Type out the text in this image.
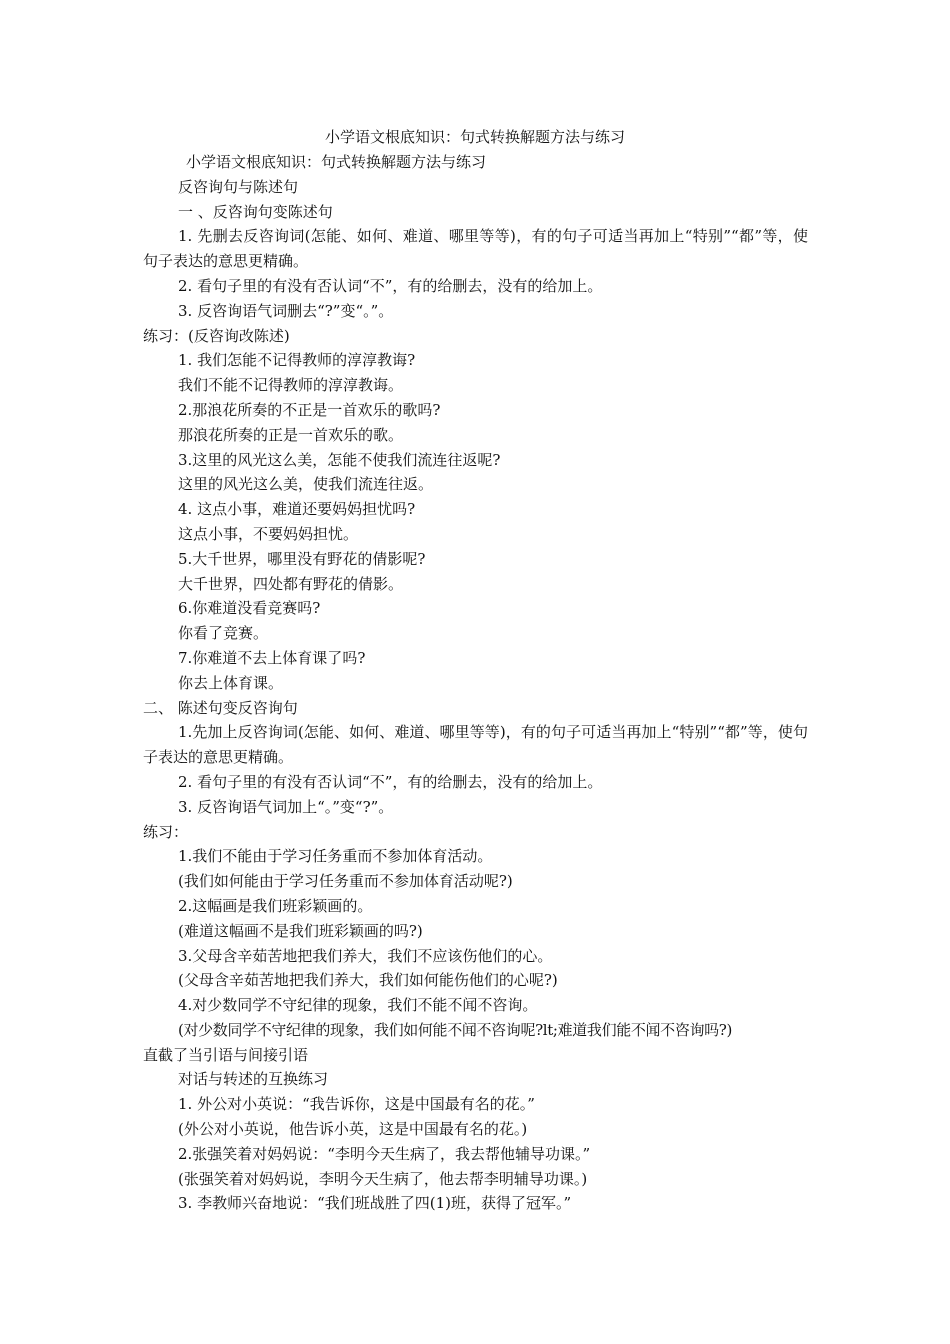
小学语文根底知识：句式转换解题方法与练习
小学语文根底知识：句式转换解题方法与练习
反咨询句与陈述句
一 、反咨询句变陈述句
1. 先删去反咨询词(怎能、如何、难道、哪里等等)，有的句子可适当再加上“特别”“都”等，使句子表达的意思更精确。
2. 看句子里的有没有否认词“不”，有的给删去，没有的给加上。
3. 反咨询语气词删去“?”变“。”。
练习：(反咨询改陈述)
1. 我们怎能不记得教师的淳淳教诲?
我们不能不记得教师的淳淳教诲。
2.那浪花所奏的不正是一首欢乐的歌吗?
那浪花所奏的正是一首欢乐的歌。
3.这里的风光这么美，怎能不使我们流连往返呢?
这里的风光这么美，使我们流连往返。
4. 这点小事，难道还要妈妈担忧吗?
这点小事，不要妈妈担忧。
5.大千世界，哪里没有野花的倩影呢?
大千世界，四处都有野花的倩影。
6.你难道没看竞赛吗?
你看了竞赛。
7.你难道不去上体育课了吗?
你去上体育课。
二、 陈述句变反咨询句
1.先加上反咨询词(怎能、如何、难道、哪里等等)，有的句子可适当再加上“特别”“都”等，使句子表达的意思更精确。
2. 看句子里的有没有否认词“不”，有的给删去，没有的给加上。
3. 反咨询语气词加上“。”变“?”。
练习：
1.我们不能由于学习任务重而不参加体育活动。
(我们如何能由于学习任务重而不参加体育活动呢?)
2.这幅画是我们班彩颖画的。
(难道这幅画不是我们班彩颖画的吗?)
3.父母含辛茹苦地把我们养大，我们不应该伤他们的心。
(父母含辛茹苦地把我们养大，我们如何能伤他们的心呢?)
4.对少数同学不守纪律的现象，我们不能不闻不咨询。
(对少数同学不守纪律的现象，我们如何能不闻不咨询呢?lt;难道我们能不闻不咨询吗?)
直截了当引语与间接引语
对话与转述的互换练习
1. 外公对小英说：“我告诉你，这是中国最有名的花。”
(外公对小英说，他告诉小英，这是中国最有名的花。)
2.张强笑着对妈妈说：“李明今天生病了，我去帮他辅导功课。”
(张强笑着对妈妈说，李明今天生病了，他去帮李明辅导功课。)
3. 李教师兴奋地说：“我们班战胜了四(1)班，获得了冠军。”
